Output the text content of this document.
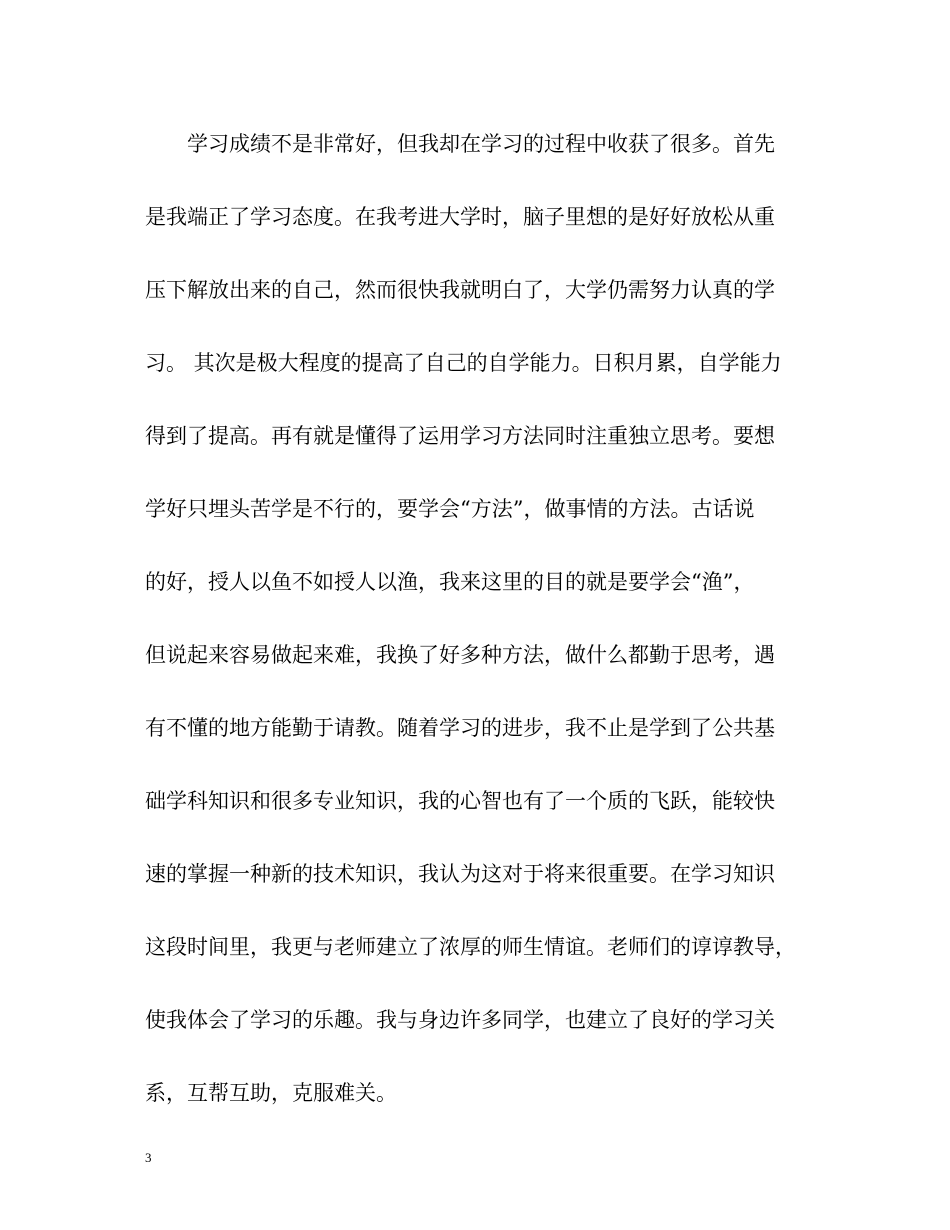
　　学习成绩不是非常好，但我却在学习的过程中收获了很多。首先
是我端正了学习态度。在我考进大学时，脑子里想的是好好放松从重
压下解放出来的自己，然而很快我就明白了，大学仍需努力认真的学
习。 其次是极大程度的提高了自己的自学能力。日积月累，自学能力
得到了提高。再有就是懂得了运用学习方法同时注重独立思考。要想
学好只埋头苦学是不行的，要学会“方法”，做事情的方法。古话说
的好，授人以鱼不如授人以渔，我来这里的目的就是要学会“渔”，
但说起来容易做起来难，我换了好多种方法，做什么都勤于思考，遇
有不懂的地方能勤于请教。随着学习的进步，我不止是学到了公共基
础学科知识和很多专业知识，我的心智也有了一个质的飞跃，能较快
速的掌握一种新的技术知识，我认为这对于将来很重要。在学习知识
这段时间里，我更与老师建立了浓厚的师生情谊。老师们的谆谆教导，
使我体会了学习的乐趣。我与身边许多同学，也建立了良好的学习关
系，互帮互助，克服难关。
3
